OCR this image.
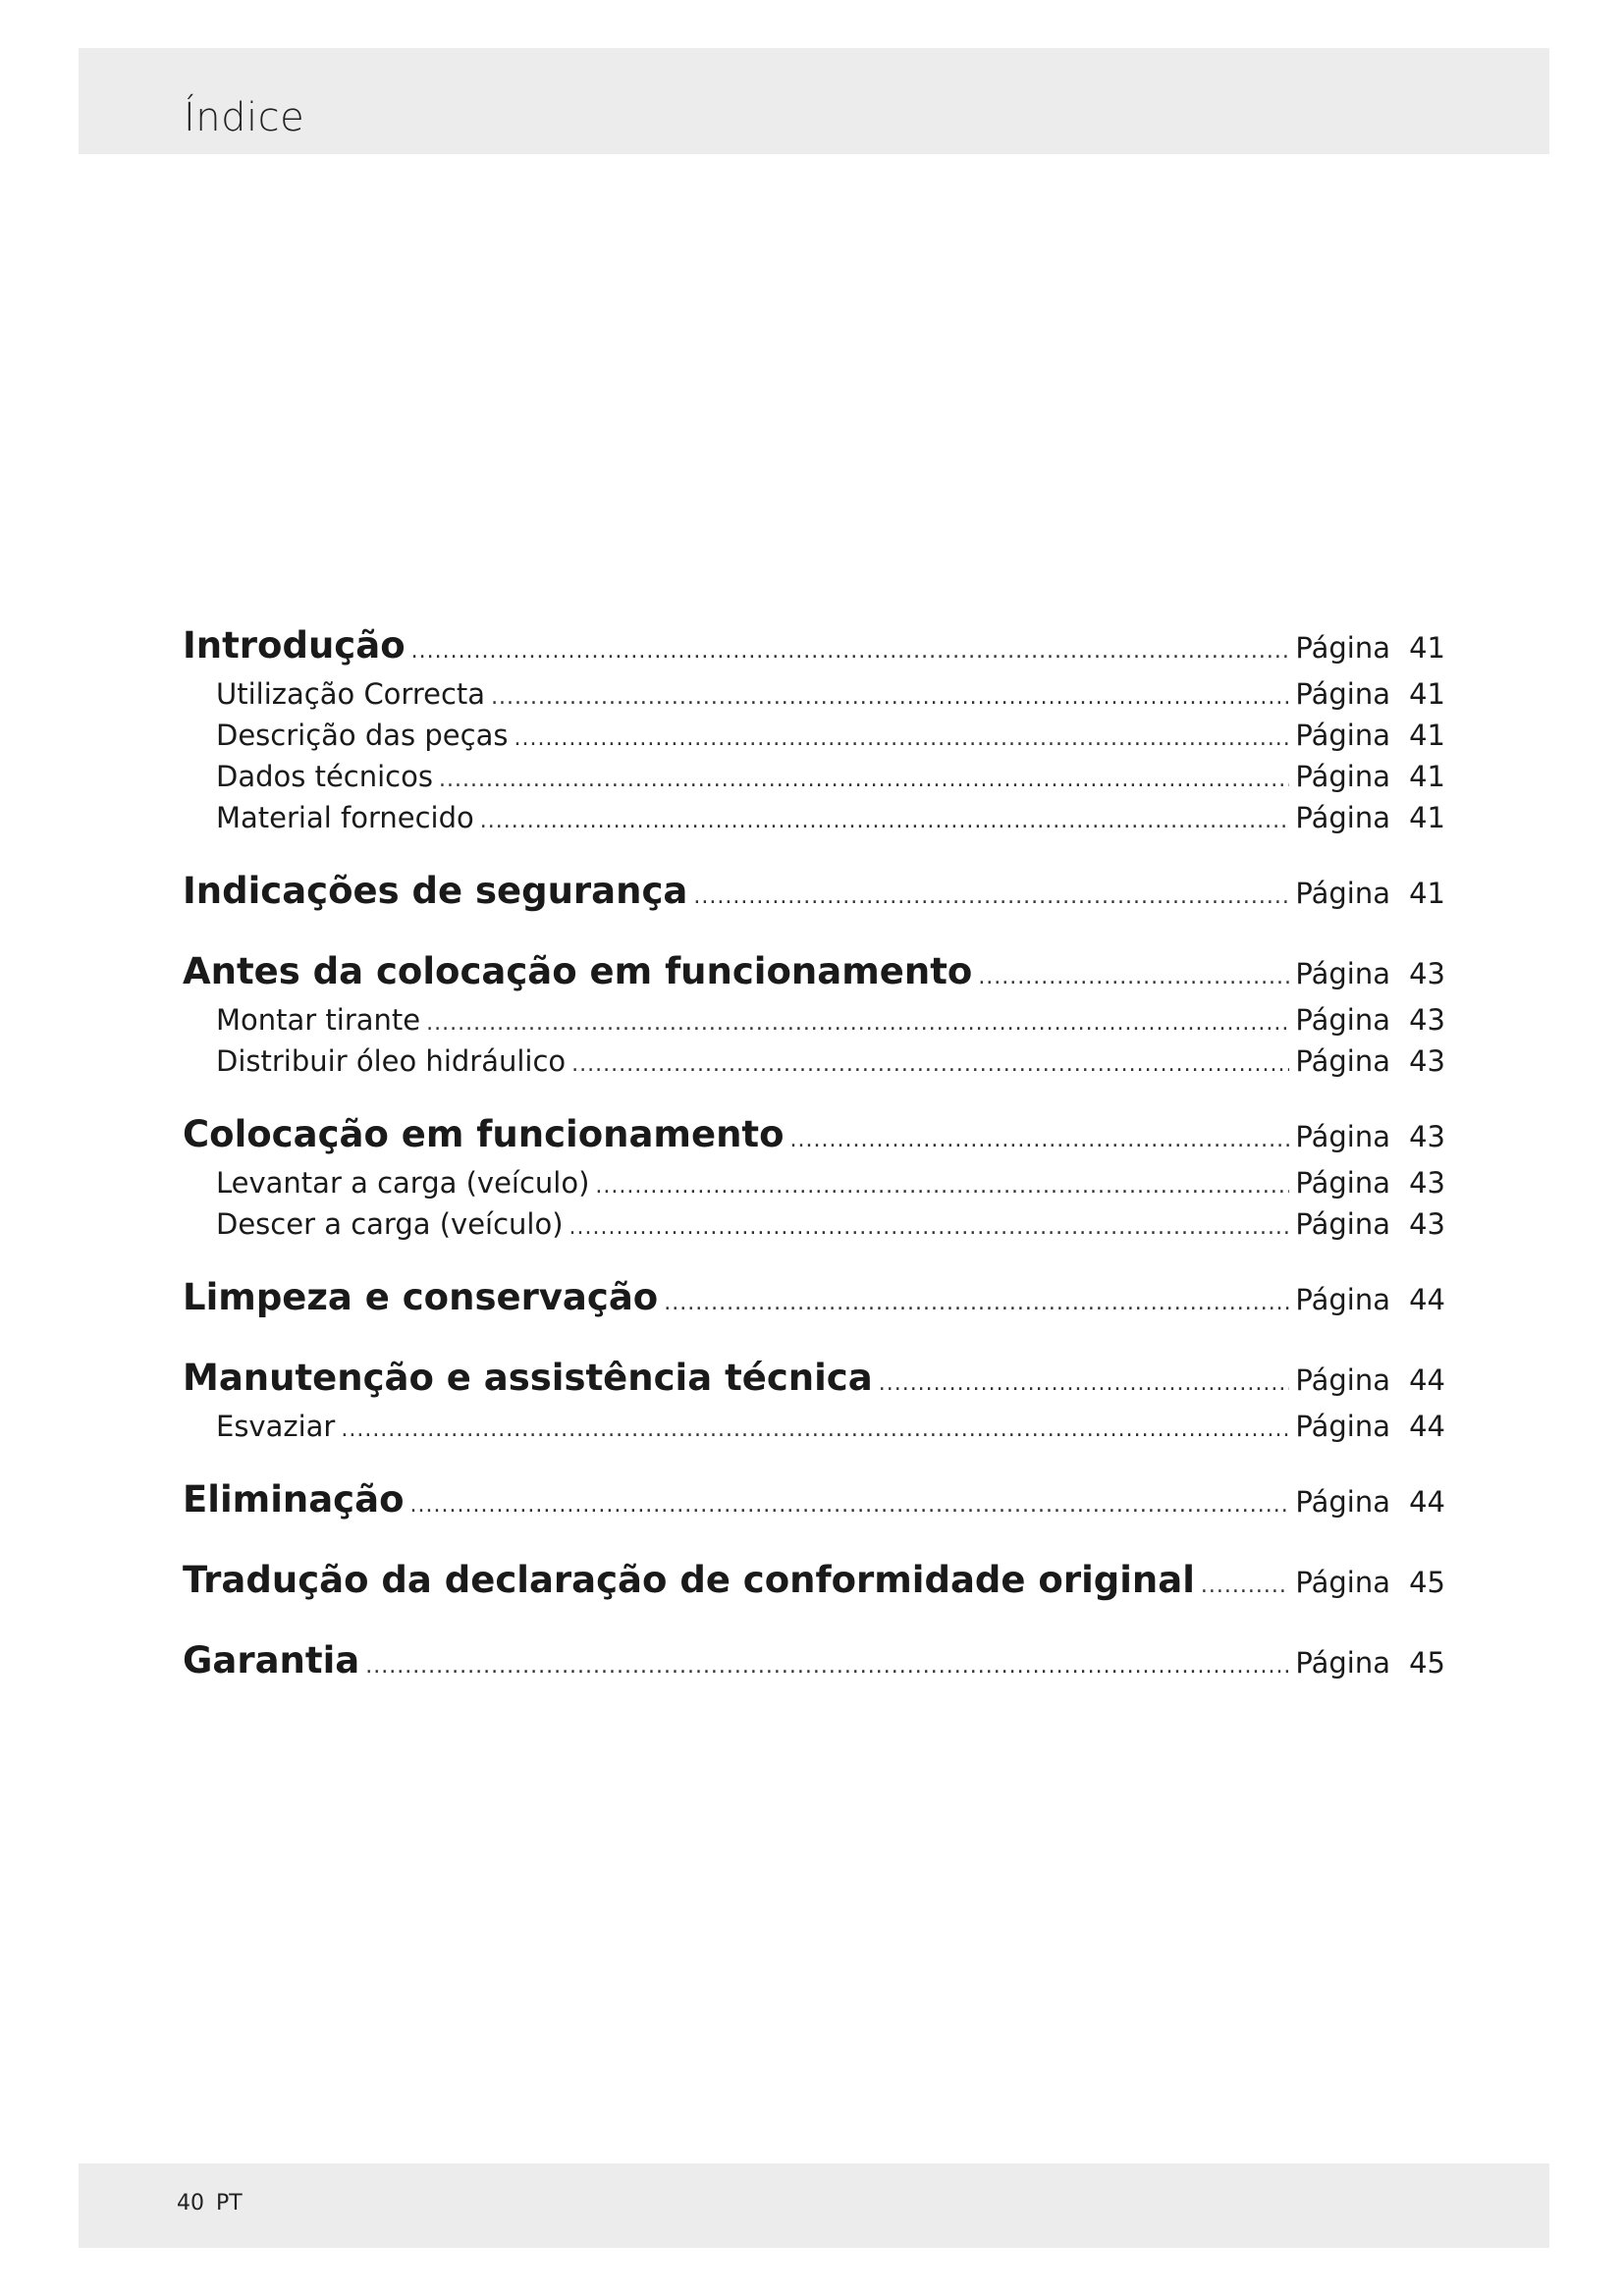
Índice
Introdução .....	Página 41
Utilização Correcta .....	Página 41
Descrição das peças .....	Página 41
Dados técnicos .....	Página 41
Material fornecido .....	Página 41
Indicações de segurança .....	Página 41
Antes da colocação em funcionamento .....	Página 43
Montar tirante .....	Página 43
Distribuir óleo hidráulico .....	Página 43
Colocação em funcionamento .....	Página 43
Levantar a carga (veículo) .....	Página 43
Descer a carga (veículo) .....	Página 43
Limpeza e conservação .....	Página 44
Manutenção e assistência técnica .....	Página 44
Esvaziar .....	Página 44
Eliminação .....	Página 44
Tradução da declaração de conformidade original .....	Página 45
Garantia .....	Página 45
40 PT
